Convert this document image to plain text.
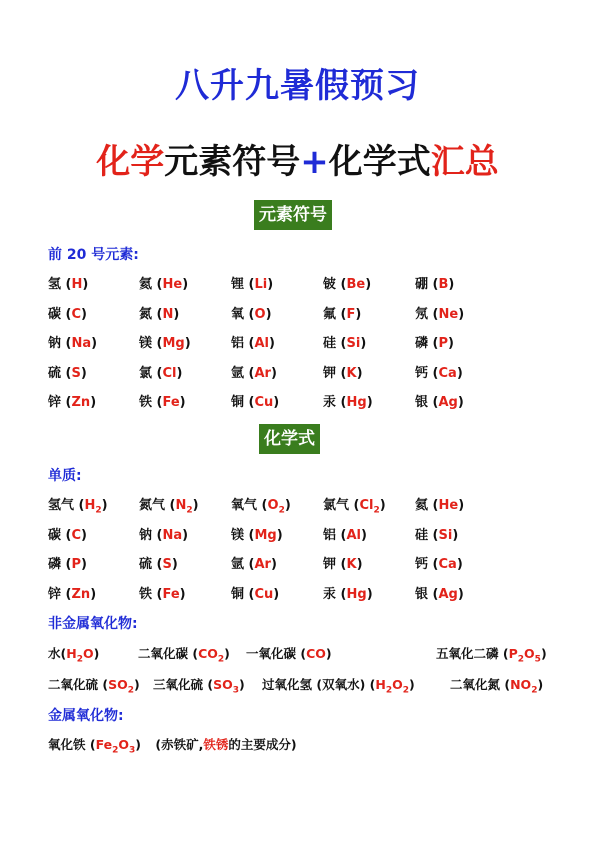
八升九暑假预习
化学元素符号+化学式汇总
元素符号
前 20 号元素:
氢 (H)	氦 (He)	锂 (Li)	铍 (Be)	硼 (B)
碳 (C)	氮 (N)	氧 (O)	氟 (F)	氖 (Ne)
钠 (Na)	镁 (Mg)	铝 (Al)	硅 (Si)	磷 (P)
硫 (S)	氯 (Cl)	氩 (Ar)	钾 (K)	钙 (Ca)
锌 (Zn)	铁 (Fe)	铜 (Cu)	汞 (Hg)	银 (Ag)
化学式
单质:
氢气 $(H_2)$ 氮气 $(N_2)$ 氧气 $(O_2)$ 氯气 $(Cl_2)$ 氦 (He)
碳 (C)	钠 (Na)	镁 (Mg)	铝 (Al)	硅 (Si)
磷 (P)	硫 (S)	氩 (Ar)	钾 (K)	钙 (Ca)
锌 (Zn)	铁 (Fe)	铜 (Cu)	汞 (Hg)	银 (Ag)
非金属氧化物:
水$(H_2O)$	二氧化碳 $(CO_2)$ 一氧化碳 (CO)	五氧化二磷 $(P_2O_5)$
二氧化硫 $(SO_2)$ 三氧化硫 $(SO_3)$ 过氧化氢 (双氧水) $(H_2O_2)$	二氧化氮 $(NO_2)$
金属氧化物:
氧化铁 $(Fe_2O_3)$ (赤铁矿,铁锈的主要成分)
